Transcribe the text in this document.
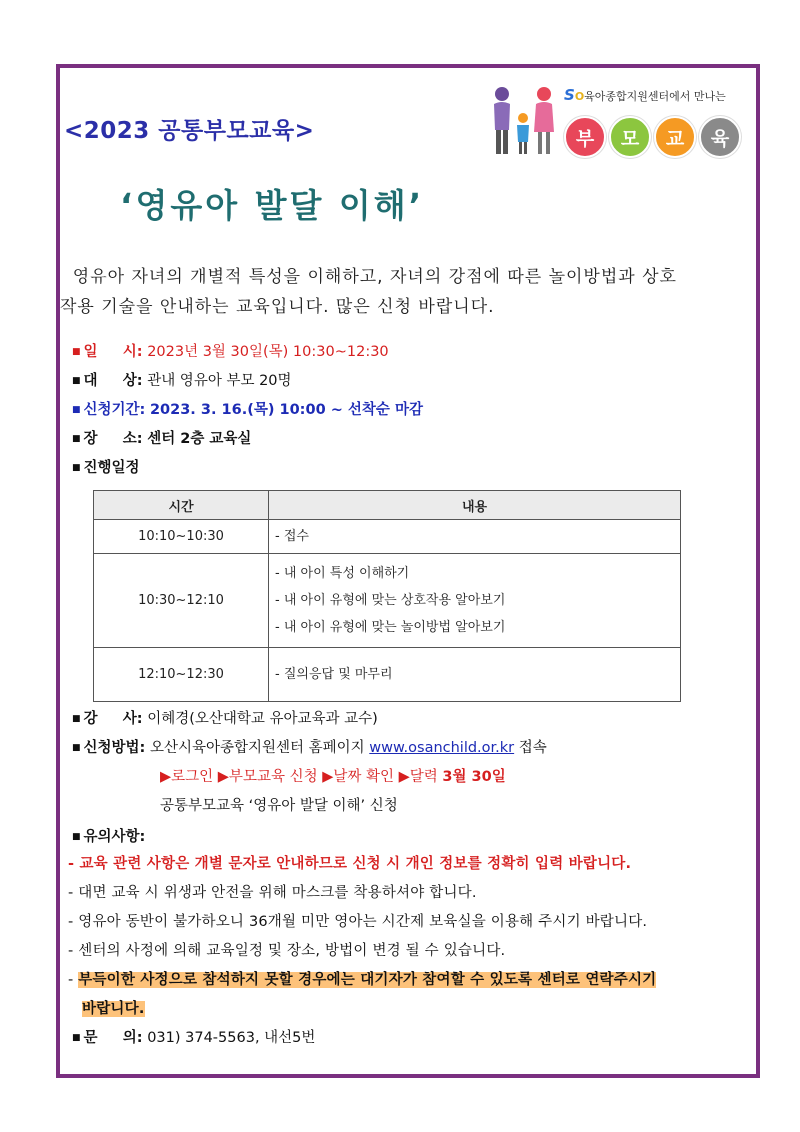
<2023 공통부모교육>
SO육아종합지원센터에서 만나는
부	모	교	육
‘영유아 발달 이해’

영유아 자녀의 개별적 특성을 이해하고, 자녀의 강점에 따른 놀이방법과 상호

작용 기술을 안내하는 교육입니다. 많은 신청 바랍니다.

■ 일     시: 2023년 3월 30일(목) 10:30~12:30
■ 대     상: 관내 영유아 부모 20명
■ 신청기간: 2023. 3. 16.(목) 10:00 ~ 선착순 마감
■ 장     소: 센터 2층 교육실
■ 진행일정
시간	내용
10:10~10:30	- 접수

10:30~12:10	- 내 아이 특성 이해하기
- 내 아이 유형에 맞는 상호작용 알아보기
- 내 아이 유형에 맞는 놀이방법 알아보기

12:10~12:30	- 질의응답 및 마무리
■ 강     사: 이혜경(오산대학교 유아교육과 교수)
■ 신청방법: 오산시육아종합지원센터 홈페이지 www.osanchild.or.kr 접속
▶로그인 ▶부모교육 신청 ▶날짜 확인 ▶달력 3월 30일
공통부모교육 ‘영유아 발달 이해’ 신청
■ 유의사항:
- 교육 관련 사항은 개별 문자로 안내하므로 신청 시 개인 정보를 정확히 입력 바랍니다.
- 대면 교육 시 위생과 안전을 위해 마스크를 착용하셔야 합니다.
- 영유아 동반이 불가하오니 36개월 미만 영아는 시간제 보육실을 이용해 주시기 바랍니다.
- 센터의 사정에 의해 교육일정 및 장소, 방법이 변경 될 수 있습니다.
- 부득이한 사정으로 참석하지 못할 경우에는 대기자가 참여할 수 있도록 센터로 연락주시기
바랍니다.
■ 문     의: 031) 374-5563, 내선5번
